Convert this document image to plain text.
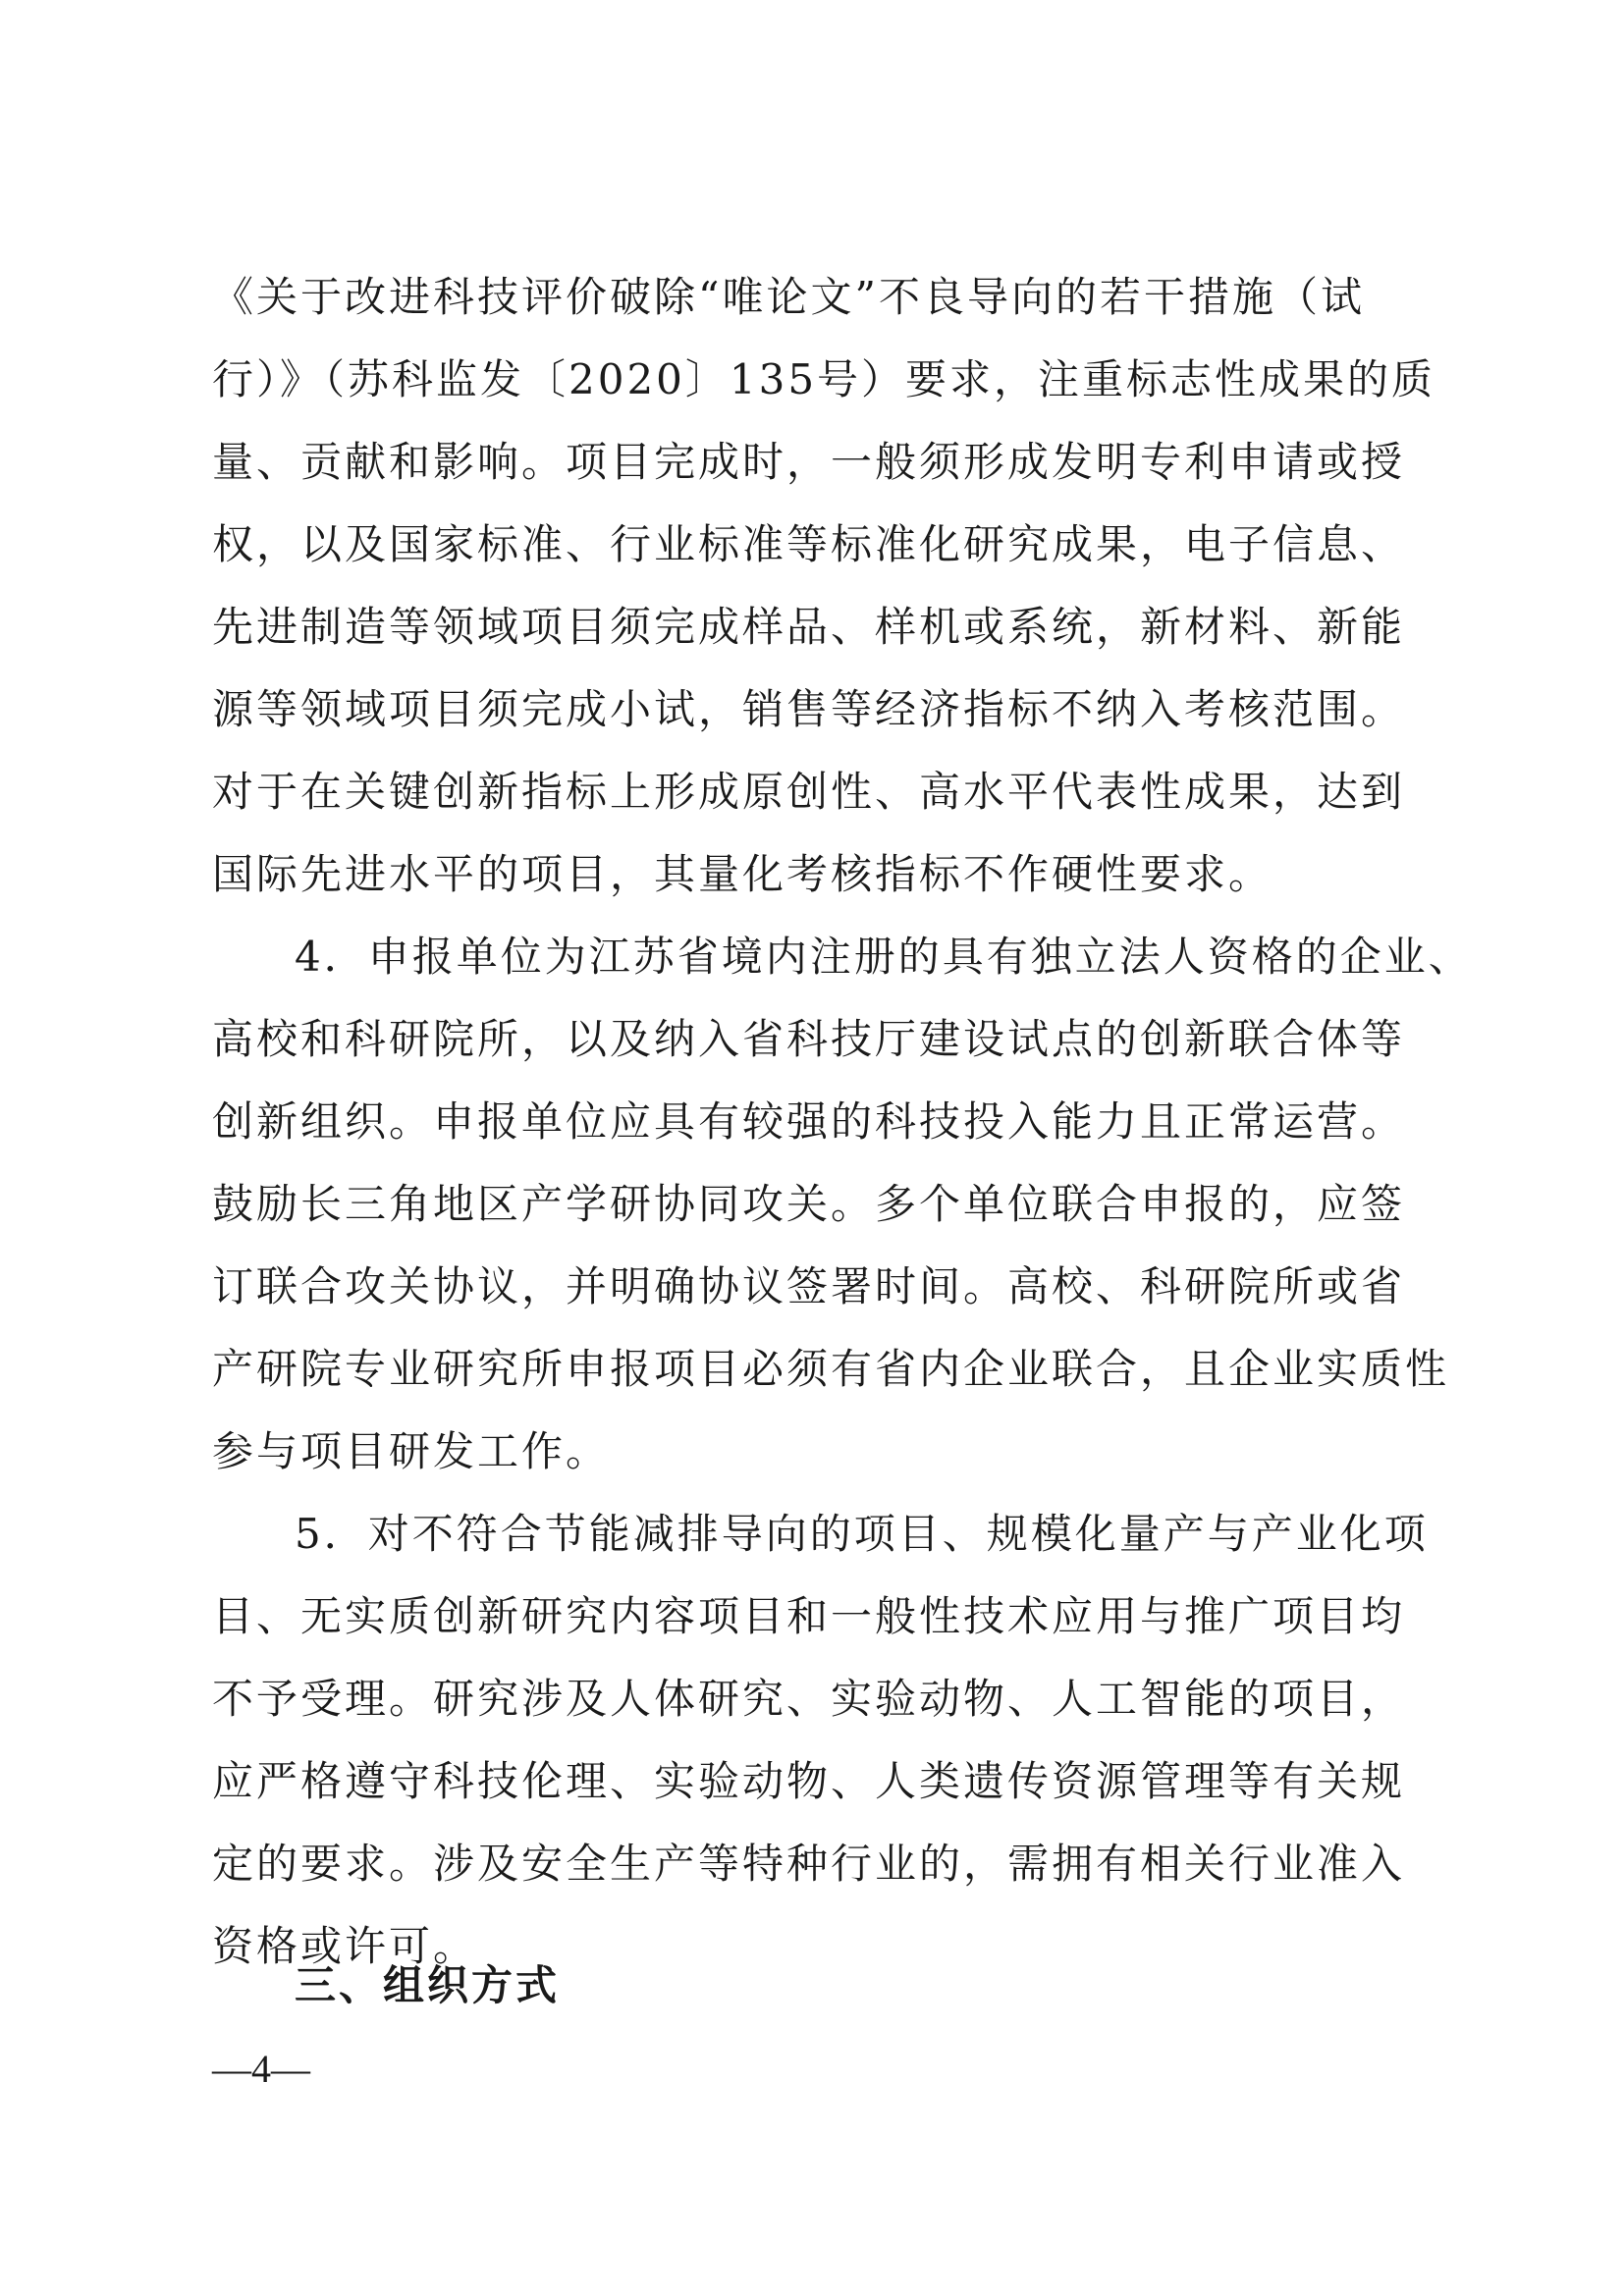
《关于改进科技评价破除“唯论文”不良导向的若干措施（试
行）》（苏科监发〔2020〕135号）要求，注重标志性成果的质
量、贡献和影响。项目完成时，一般须形成发明专利申请或授
权，以及国家标准、行业标准等标准化研究成果，电子信息、
先进制造等领域项目须完成样品、样机或系统，新材料、新能
源等领域项目须完成小试，销售等经济指标不纳入考核范围。
对于在关键创新指标上形成原创性、高水平代表性成果，达到
国际先进水平的项目，其量化考核指标不作硬性要求。
4．申报单位为江苏省境内注册的具有独立法人资格的企业、
高校和科研院所，以及纳入省科技厅建设试点的创新联合体等
创新组织。申报单位应具有较强的科技投入能力且正常运营。
鼓励长三角地区产学研协同攻关。多个单位联合申报的，应签
订联合攻关协议，并明确协议签署时间。高校、科研院所或省
产研院专业研究所申报项目必须有省内企业联合，且企业实质性
参与项目研发工作。
5．对不符合节能减排导向的项目、规模化量产与产业化项
目、无实质创新研究内容项目和一般性技术应用与推广项目均
不予受理。研究涉及人体研究、实验动物、人工智能的项目，
应严格遵守科技伦理、实验动物、人类遗传资源管理等有关规
定的要求。涉及安全生产等特种行业的，需拥有相关行业准入
资格或许可。
三、组织方式
—4—
